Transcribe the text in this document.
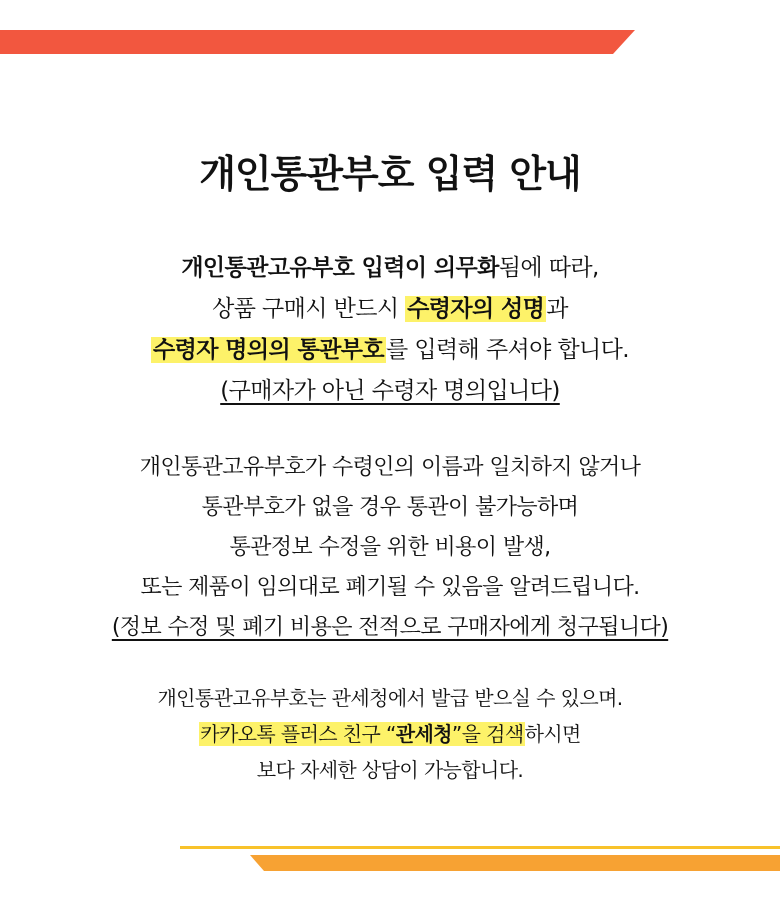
개인통관부호 입력 안내
개인통관고유부호 입력이 의무화됨에 따라,
상품 구매시 반드시 수령자의 성명과
수령자 명의의 통관부호를 입력해 주셔야 합니다.
(구매자가 아닌 수령자 명의입니다)
개인통관고유부호가 수령인의 이름과 일치하지 않거나
통관부호가 없을 경우 통관이 불가능하며
통관정보 수정을 위한 비용이 발생,
또는 제품이 임의대로 폐기될 수 있음을 알려드립니다.
(정보 수정 및 폐기 비용은 전적으로 구매자에게 청구됩니다)
개인통관고유부호는 관세청에서 발급 받으실 수 있으며.
카카오톡 플러스 친구 “관세청”을 검색하시면
보다 자세한 상담이 가능합니다.
